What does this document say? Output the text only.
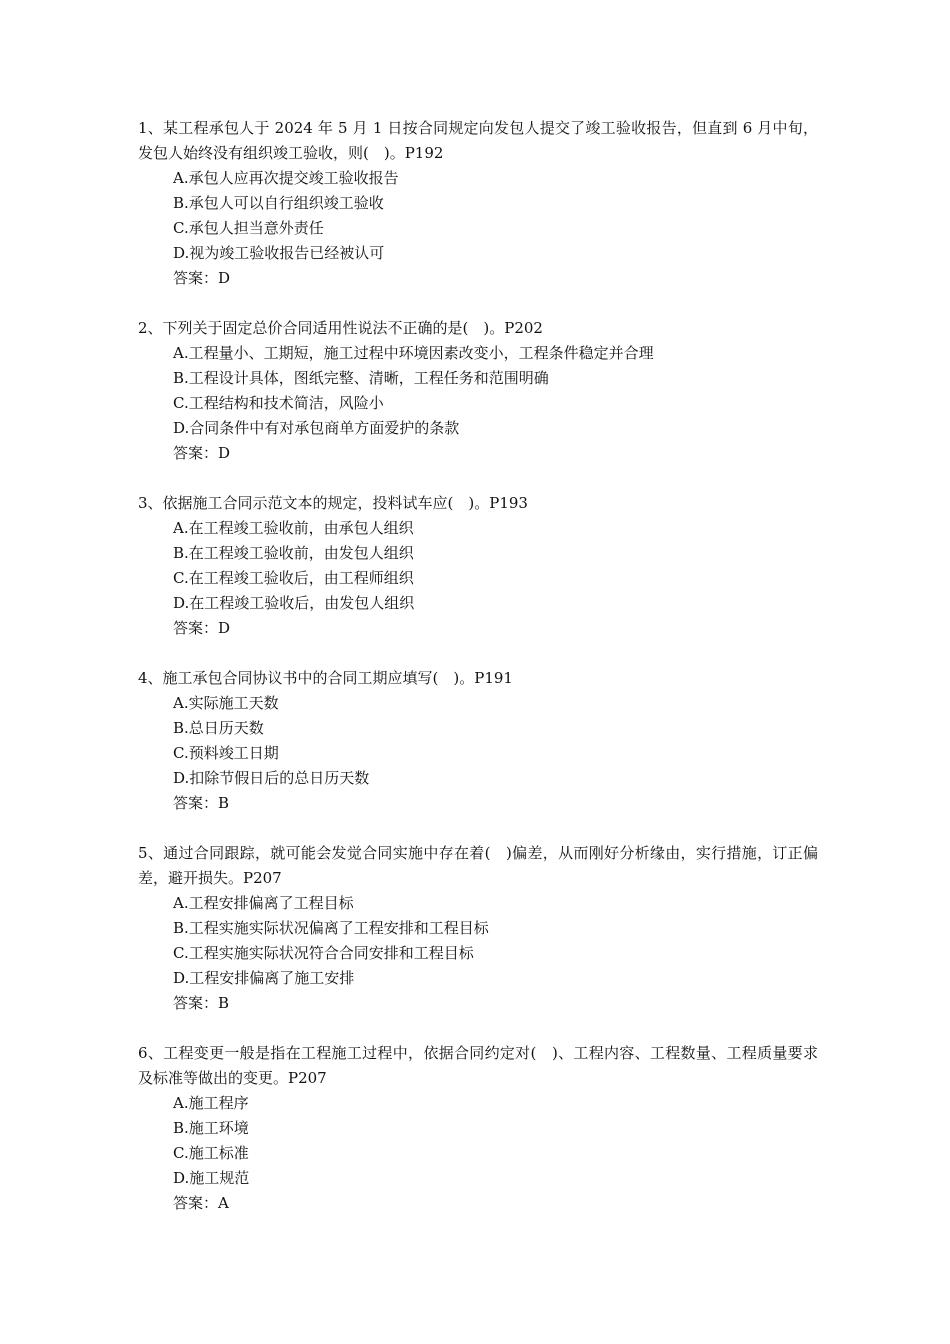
1、某工程承包人于 2024 年 5 月 1 日按合同规定向发包人提交了竣工验收报告，但直到 6 月中旬，发包人始终没有组织竣工验收，则(　)。P192

A.承包人应再次提交竣工验收报告

B.承包人可以自行组织竣工验收

C.承包人担当意外责任

D.视为竣工验收报告已经被认可

答案：D

2、下列关于固定总价合同适用性说法不正确的是(　)。P202

A.工程量小、工期短，施工过程中环境因素改变小，工程条件稳定并合理

B.工程设计具体，图纸完整、清晰，工程任务和范围明确

C.工程结构和技术简洁，风险小

D.合同条件中有对承包商单方面爱护的条款

答案：D

3、依据施工合同示范文本的规定，投料试车应(　)。P193

A.在工程竣工验收前，由承包人组织

B.在工程竣工验收前，由发包人组织

C.在工程竣工验收后，由工程师组织

D.在工程竣工验收后，由发包人组织

答案：D

4、施工承包合同协议书中的合同工期应填写(　)。P191

A.实际施工天数

B.总日历天数

C.预料竣工日期

D.扣除节假日后的总日历天数

答案：B

5、通过合同跟踪，就可能会发觉合同实施中存在着(　)偏差，从而刚好分析缘由，实行措施，订正偏差，避开损失。P207

A.工程安排偏离了工程目标

B.工程实施实际状况偏离了工程安排和工程目标

C.工程实施实际状况符合合同安排和工程目标

D.工程安排偏离了施工安排

答案：B

6、工程变更一般是指在工程施工过程中，依据合同约定对(　)、工程内容、工程数量、工程质量要求及标准等做出的变更。P207

A.施工程序

B.施工环境

C.施工标准

D.施工规范

答案：A
